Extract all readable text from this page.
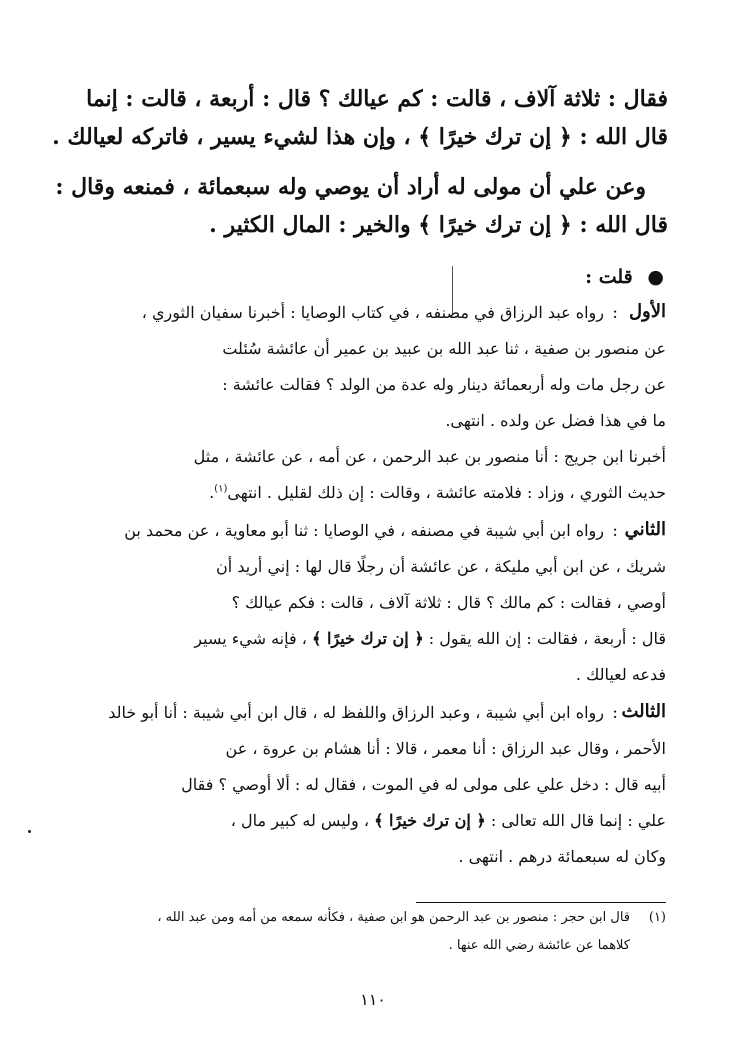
فقال : ثلاثة آلاف ، قالت : كم عيالك ؟ قال : أربعة ، قالت : إنما
قال الله : ﴿ إن ترك خيرًا ﴾ ، وإن هذا لشيء يسير ، فاتركه لعيالك .
وعن علي أن مولى له أراد أن يوصي وله سبعمائة ، فمنعه وقال :
قال الله : ﴿ إن ترك خيرًا ﴾ والخير : المال الكثير .
● قلت :
الأول
:
رواه عبد الرزاق في مصنفه ، في كتاب الوصايا : أخبرنا سفيان الثوري ،
عن منصور بن صفية ، ثنا عبد الله بن عبيد بن عمير أن عائشة سُئلت
عن رجل مات وله أربعمائة دينار وله عدة من الولد ؟ فقالت عائشة :
ما في هذا فضل عن ولده . انتهى.
أخبرنا ابن جريج : أنا منصور بن عبد الرحمن ، عن أمه ، عن عائشة ، مثل
حديث الثوري ، وزاد : فلامته عائشة ، وقالت : إن ذلك لقليل . انتهى$^{(١)}$.
الثاني
:
رواه ابن أبي شيبة في مصنفه ، في الوصايا : ثنا أبو معاوية ، عن محمد بن
شريك ، عن ابن أبي مليكة ، عن عائشة أن رجلًا قال لها : إني أريد أن
أوصي ، فقالت : كم مالك ؟ قال : ثلاثة آلاف ، قالت : فكم عيالك ؟
قال : أربعة ، فقالت : إن الله يقول : ﴿ إن ترك خيرًا ﴾ ، فإنه شيء يسير
فدعه لعيالك .
الثالث
:
رواه ابن أبي شيبة ، وعبد الرزاق واللفظ له ، قال ابن أبي شيبة : أنا أبو خالد
الأحمر ، وقال عبد الرزاق : أنا معمر ، قالا : أنا هشام بن عروة ، عن
أبيه قال : دخل علي على مولى له في الموت ، فقال له : ألا أوصي ؟ فقال
علي : إنما قال الله تعالى : ﴿ إن ترك خيرًا ﴾ ، وليس له كبير مال ،
وكان له سبعمائة درهم . انتهى .
(١)
قال ابن حجر : منصور بن عبد الرحمن هو ابن صفية ، فكأنه سمعه من أمه ومن عبد الله ،
كلاهما عن عائشة رضي الله عنها .
١١٠
